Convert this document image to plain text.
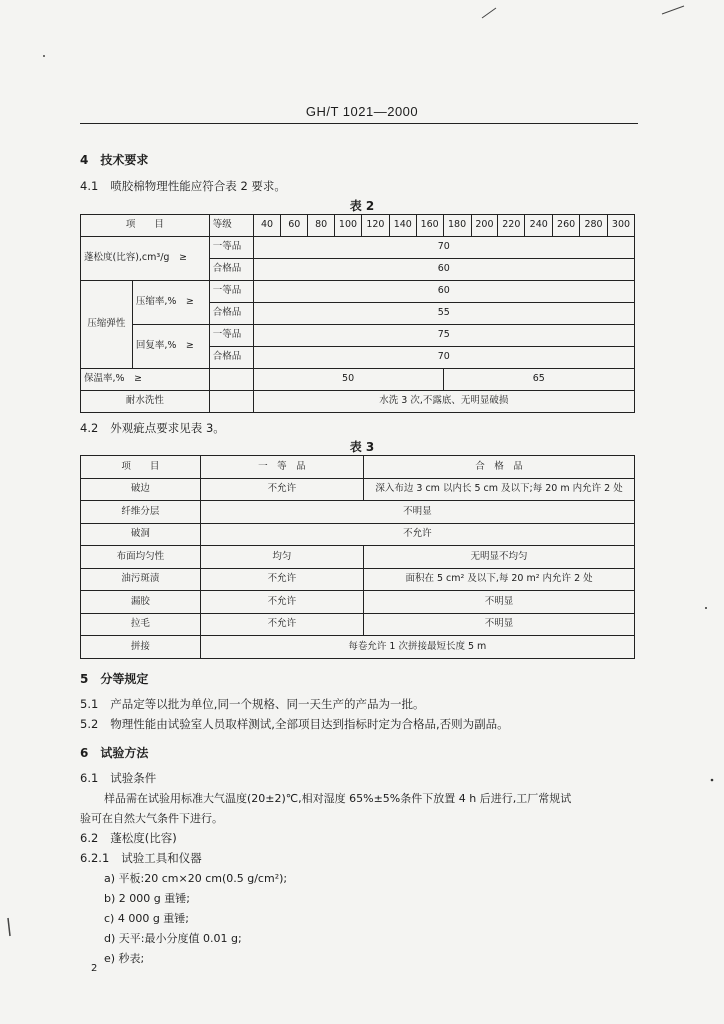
GH/T 1021—2000
4 技术要求
4.1 喷胶棉物理性能应符合表 2 要求。
表 2
项　　目		等级	40	60	80	100	120	140	160	180	200	220	240	260	280	300
蓬松度(比容),cm³/g　≥		一等品	70													
		合格品	60													
压缩弹性	压缩率,%　≥	一等品	60													
		合格品	55													
	回复率,%　≥	一等品	75													
		合格品	70													
保温率,%　≥			50							65						
耐水洗性			水洗 3 次,不露底、无明显破损													
4.2 外观疵点要求见表 3。
表 3
项　　目	一　等　品	合　格　品
破边	不允许	深入布边 3 cm 以内长 5 cm 及以下;每 20 m 内允许 2 处
纤维分层	不明显	
破洞	不允许	
布面均匀性	均匀	无明显不均匀
油污斑渍	不允许	面积在 5 cm² 及以下,每 20 m² 内允许 2 处
漏胶	不允许	不明显
拉毛	不允许	不明显
拼接	每卷允许 1 次拼接最短长度 5 m	
5 分等规定
5.1 产品定等以批为单位,同一个规格、同一天生产的产品为一批。
5.2 物理性能由试验室人员取样测试,全部项目达到指标时定为合格品,否则为副品。
6 试验方法
6.1 试验条件
样品需在试验用标准大气温度(20±2)℃,相对湿度 65%±5%条件下放置 4 h 后进行,工厂常规试
验可在自然大气条件下进行。
6.2 蓬松度(比容)
6.2.1 试验工具和仪器
a) 平板:20 cm×20 cm(0.5 g/cm²);
b) 2 000 g 重锤;
c) 4 000 g 重锤;
d) 天平:最小分度值 0.01 g;
e) 秒表;
2
